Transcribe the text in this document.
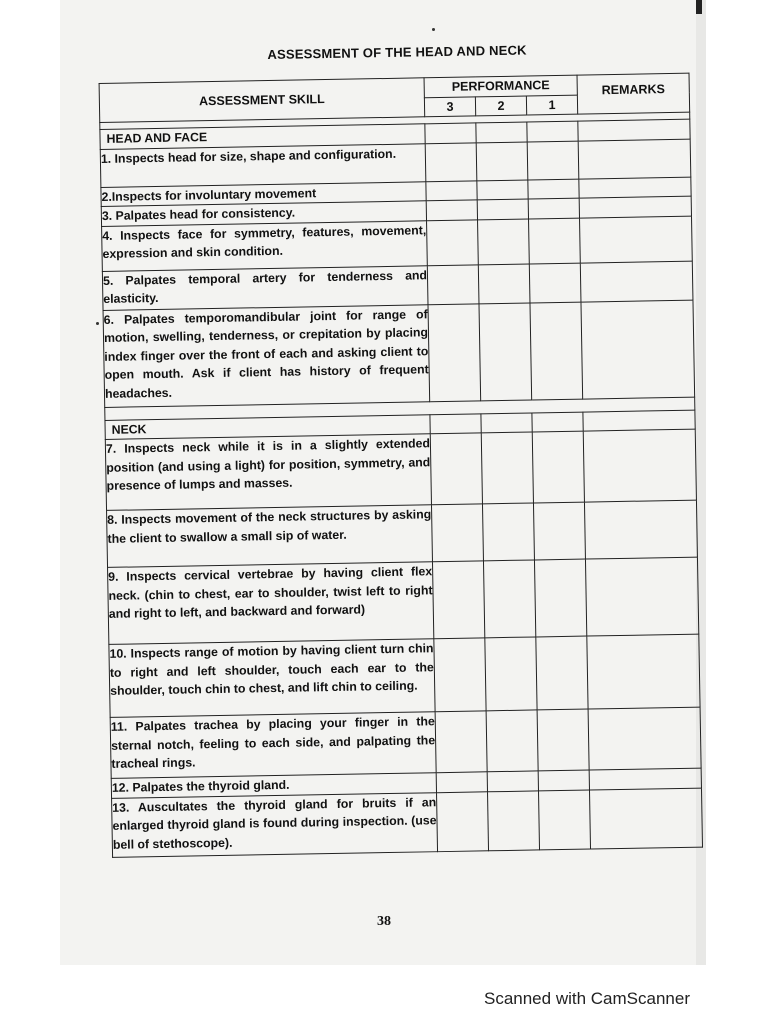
ASSESSMENT OF THE HEAD AND NECK
ASSESSMENT SKILL	PERFORMANCE			REMARKS
	3	2	1	

HEAD AND FACE				
1. Inspects head for size, shape and configuration.				
2.Inspects for involuntary movement				
3. Palpates head for consistency.				
4. Inspects face for symmetry, features, movement, expression and skin condition.				
5. Palpates temporal artery for tenderness and elasticity.				
6. Palpates temporomandibular joint for range of motion, swelling, tenderness, or crepitation by placing index finger over the front of each and asking client to open mouth. Ask if client has history of frequent headaches.				

NECK				
7. Inspects neck while it is in a slightly extended position (and using a light) for position, symmetry, and presence of lumps and masses.				
8. Inspects movement of the neck structures by asking the client to swallow a small sip of water.				
9. Inspects cervical vertebrae by having client flex neck. (chin to chest, ear to shoulder, twist left to right and right to left, and backward and forward)				
10. Inspects range of motion by having client turn chin to right and left shoulder, touch each ear to the shoulder, touch chin to chest, and lift chin to ceiling.				
11. Palpates trachea by placing your finger in the sternal notch, feeling to each side, and palpating the tracheal rings.				
12. Palpates the thyroid gland.				
13. Auscultates the thyroid gland for bruits if an enlarged thyroid gland is found during inspection. (use bell of stethoscope).				
38
Scanned with CamScanner
